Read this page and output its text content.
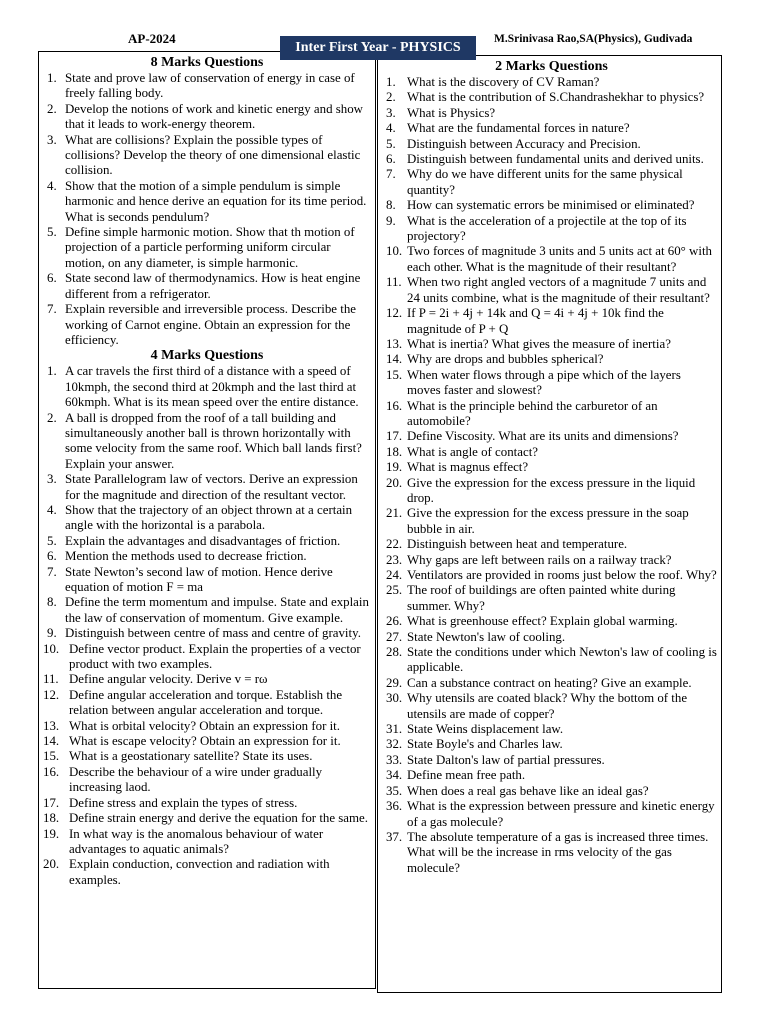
AP-2024
Inter First Year - PHYSICS
M.Srinivasa Rao,SA(Physics), Gudivada
8 Marks Questions
1. State and prove law of conservation of energy in case of freely falling body.
2. Develop the notions of work and kinetic energy and show that it leads to work-energy theorem.
3. What are collisions? Explain the possible types of collisions? Develop the theory of one dimensional elastic collision.
4. Show that the motion of a simple pendulum is simple harmonic and hence derive an equation for its time period. What is seconds pendulum?
5. Define simple harmonic motion. Show that th motion of projection of a particle performing uniform circular motion, on any diameter, is simple harmonic.
6. State second law of thermodynamics. How is heat engine different from a refrigerator.
7. Explain reversible and irreversible process. Describe the working of Carnot engine. Obtain an expression for the efficiency.
4 Marks Questions
1. A car travels the first third of a distance with a speed of 10kmph, the second third at 20kmph and the last third at 60kmph. What is its mean speed over the entire distance.
2. A ball is dropped from the roof of a tall building and simultaneously another ball is thrown horizontally with some velocity from the same roof. Which ball lands first? Explain your answer.
3. State Parallelogram law of vectors. Derive an expression for the magnitude and direction of the resultant vector.
4. Show that the trajectory of an object thrown at a certain angle with the horizontal is a parabola.
5. Explain the advantages and disadvantages of friction.
6. Mention the methods used to decrease friction.
7. State Newton’s second law of motion. Hence derive equation of motion F = ma
8. Define the term momentum and impulse. State and explain the law of conservation of momentum. Give example.
9. Distinguish between centre of mass and centre of gravity.
10. Define vector product. Explain the properties of a vector product with two examples.
11. Define angular velocity. Derive v = rω
12. Define angular acceleration and torque. Establish the relation between angular acceleration and torque.
13. What is orbital velocity? Obtain an expression for it.
14. What is escape velocity? Obtain an expression for it.
15. What is a geostationary satellite? State its uses.
16. Describe the behaviour of a wire under gradually increasing laod.
17. Define stress and explain the types of stress.
18. Define strain energy and derive the equation for the same.
19. In what way is the anomalous behaviour of water advantages to aquatic animals?
20. Explain conduction, convection and radiation with examples.
2 Marks Questions
1. What is the discovery of CV Raman?
2. What is the contribution of S.Chandrashekhar to physics?
3. What is Physics?
4. What are the fundamental forces in nature?
5. Distinguish between Accuracy and Precision.
6. Distinguish between fundamental units and derived units.
7. Why do we have different units for the same physical quantity?
8. How can systematic errors be minimised or eliminated?
9. What is the acceleration of a projectile at the top of its projectory?
10. Two forces of magnitude 3 units and 5 units act at 60° with each other. What is the magnitude of their resultant?
11. When two right angled vectors of a magnitude 7 units and 24 units combine, what is the magnitude of their resultant?
12. If P = 2i + 4j + 14k and Q = 4i + 4j + 10k find the magnitude of P + Q
13. What is inertia? What gives the measure of inertia?
14. Why are drops and bubbles spherical?
15. When water flows through a pipe which of the layers moves faster and slowest?
16. What is the principle behind the carburetor of an automobile?
17. Define Viscosity. What are its units and dimensions?
18. What is angle of contact?
19. What is magnus effect?
20. Give the expression for the excess pressure in the liquid drop.
21. Give the expression for the excess pressure in the soap bubble in air.
22. Distinguish between heat and temperature.
23. Why gaps are left between rails on a railway track?
24. Ventilators are provided in rooms just below the roof. Why?
25. The roof of buildings are often painted white during summer. Why?
26. What is greenhouse effect? Explain global warming.
27. State Newton's law of cooling.
28. State the conditions under which Newton's law of cooling is applicable.
29. Can a substance contract on heating? Give an example.
30. Why utensils are coated black? Why the bottom of the utensils are made of copper?
31. State Weins displacement law.
32. State Boyle's and Charles law.
33. State Dalton's law of partial pressures.
34. Define mean free path.
35. When does a real gas behave like an ideal gas?
36. What is the expression between pressure and kinetic energy of a gas molecule?
37. The absolute temperature of a gas is increased three times. What will be the increase in rms velocity of the gas molecule?
